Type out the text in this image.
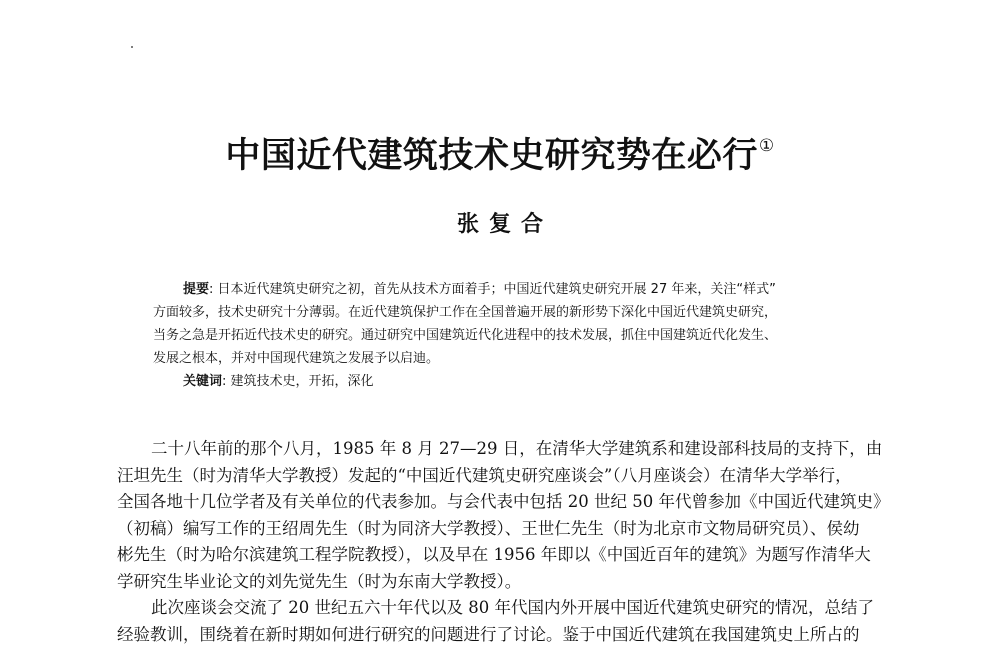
中国近代建筑技术史研究势在必行①
张复合
提要: 日本近代建筑史研究之初，首先从技术方面着手；中国近代建筑史研究开展 27 年来，关注“样式”
方面较多，技术史研究十分薄弱。在近代建筑保护工作在全国普遍开展的新形势下深化中国近代建筑史研究，
当务之急是开拓近代技术史的研究。通过研究中国建筑近代化进程中的技术发展，抓住中国建筑近代化发生、
发展之根本，并对中国现代建筑之发展予以启迪。
关键词: 建筑技术史，开拓，深化
二十八年前的那个八月，1985 年 8 月 27—29 日，在清华大学建筑系和建设部科技局的支持下，由
汪坦先生（时为清华大学教授）发起的“中国近代建筑史研究座谈会”（八月座谈会）在清华大学举行，
全国各地十几位学者及有关单位的代表参加。与会代表中包括 20 世纪 50 年代曾参加《中国近代建筑史》
（初稿）编写工作的王绍周先生（时为同济大学教授）、王世仁先生（时为北京市文物局研究员）、侯幼
彬先生（时为哈尔滨建筑工程学院教授），以及早在 1956 年即以《中国近百年的建筑》为题写作清华大
学研究生毕业论文的刘先觉先生（时为东南大学教授）。
此次座谈会交流了 20 世纪五六十年代以及 80 年代国内外开展中国近代建筑史研究的情况，总结了
经验教训，围绕着在新时期如何进行研究的问题进行了讨论。鉴于中国近代建筑在我国建筑史上所占的
